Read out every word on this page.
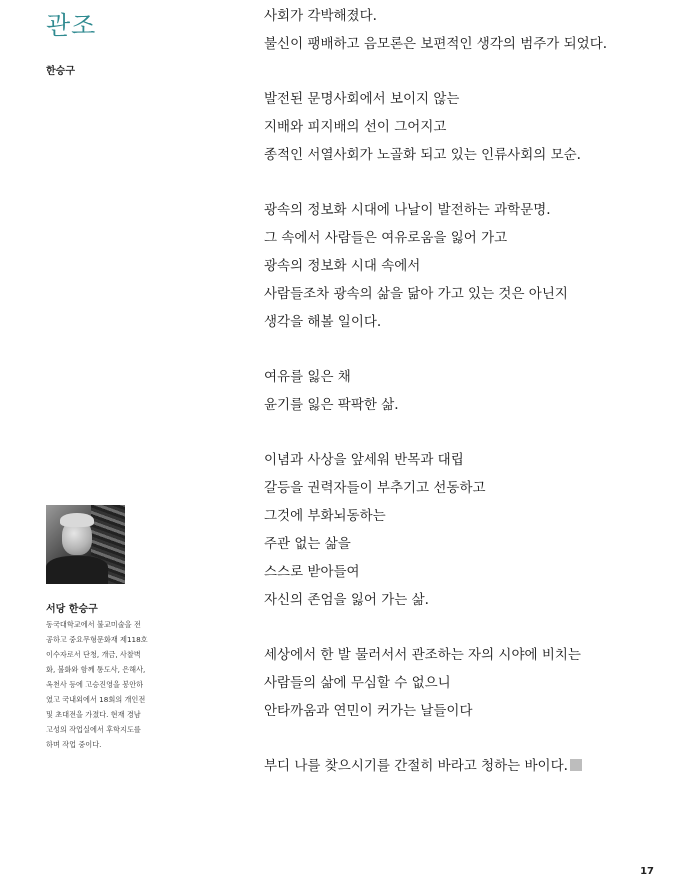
관조
한승구
사회가 각박해졌다.
불신이 팽배하고 음모론은 보편적인 생각의 범주가 되었다.
발전된 문명사회에서 보이지 않는
지배와 피지배의 선이 그어지고
종적인 서열사회가 노골화 되고 있는 인류사회의 모순.
광속의 정보화 시대에 나날이 발전하는 과학문명.
그 속에서 사람들은 여유로움을 잃어 가고
광속의 정보화 시대 속에서
사람들조차 광속의 삶을 닮아 가고 있는 것은 아닌지
생각을 해볼 일이다.
여유를 잃은 채
윤기를 잃은 팍팍한 삶.
이념과 사상을 앞세워 반목과 대립
갈등을 권력자들이 부추기고 선동하고
그것에 부화뇌동하는
주관 없는 삶을
스스로 받아들여
자신의 존엄을 잃어 가는 삶.
세상에서 한 발 물러서서 관조하는 자의 시야에 비치는
사람들의 삶에 무심할 수 없으니
안타까움과 연민이 커가는 날들이다
부디 나를 찾으시기를 간절히 바라고 청하는 바이다.
서당 한승구
동국대학교에서 불교미술을 전
공하고 중요무형문화재 제118호
이수자로서 단청, 개금, 사찰벽
화, 불화와 함께 통도사, 은해사,
옥천사 등에 고승진영을 봉안하
였고 국내외에서 18회의 개인전
및 초대전을 가졌다. 현재 경남
고성의 작업실에서 후학지도를
하며 작업 중이다.
17
